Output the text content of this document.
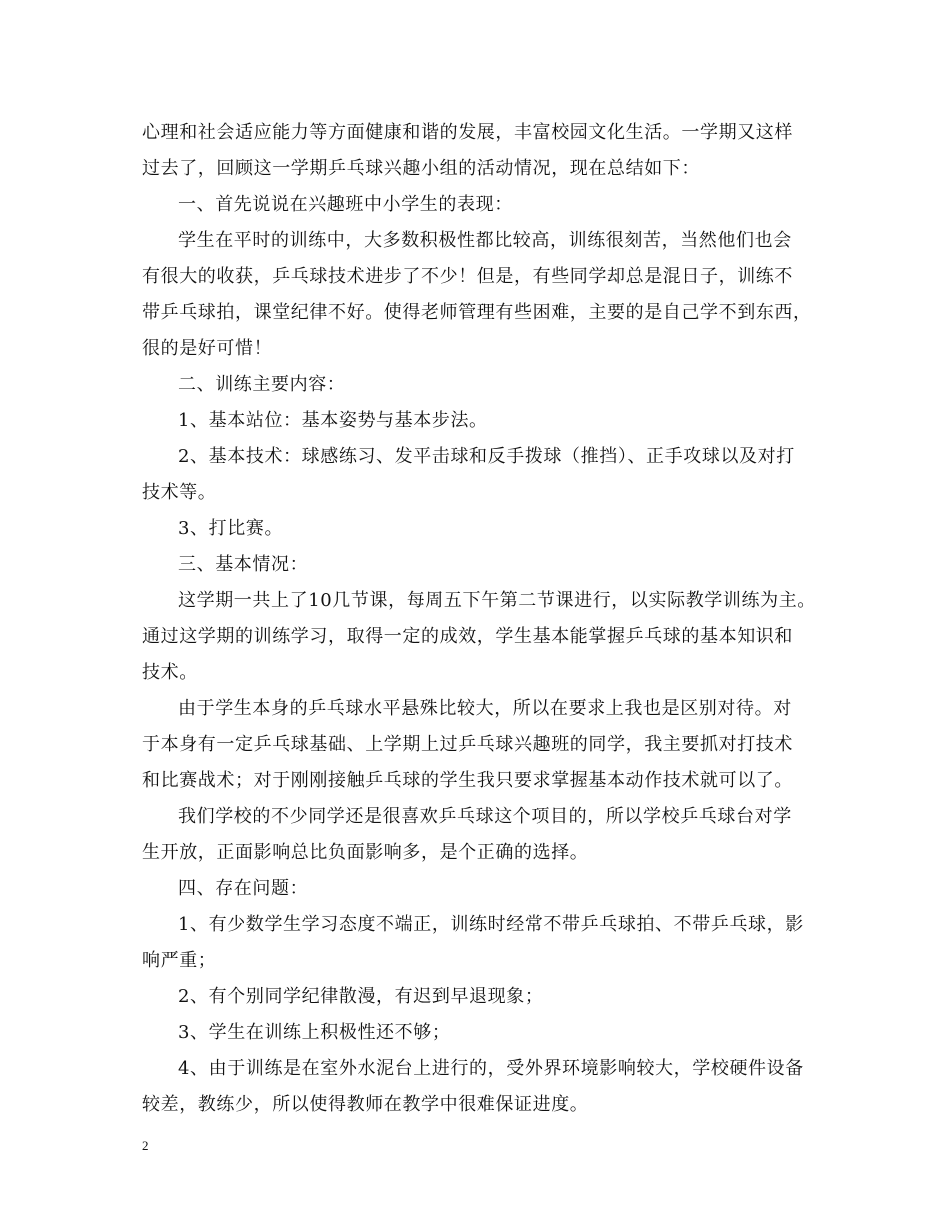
心理和社会适应能力等方面健康和谐的发展，丰富校园文化生活。一学期又这样
过去了，回顾这一学期乒乓球兴趣小组的活动情况，现在总结如下：
一、首先说说在兴趣班中小学生的表现：
学生在平时的训练中，大多数积极性都比较高，训练很刻苦，当然他们也会
有很大的收获，乒乓球技术进步了不少！但是，有些同学却总是混日子，训练不
带乒乓球拍，课堂纪律不好。使得老师管理有些困难，主要的是自己学不到东西，
很的是好可惜！
二、训练主要内容：
1、基本站位：基本姿势与基本步法。
2、基本技术：球感练习、发平击球和反手拨球（推挡）、正手攻球以及对打
技术等。
3、打比赛。
三、基本情况：
这学期一共上了10几节课，每周五下午第二节课进行，以实际教学训练为主。
通过这学期的训练学习，取得一定的成效，学生基本能掌握乒乓球的基本知识和
技术。
由于学生本身的乒乓球水平悬殊比较大，所以在要求上我也是区别对待。对
于本身有一定乒乓球基础、上学期上过乒乓球兴趣班的同学，我主要抓对打技术
和比赛战术；对于刚刚接触乒乓球的学生我只要求掌握基本动作技术就可以了。
我们学校的不少同学还是很喜欢乒乓球这个项目的，所以学校乒乓球台对学
生开放，正面影响总比负面影响多，是个正确的选择。
四、存在问题：
1、有少数学生学习态度不端正，训练时经常不带乒乓球拍、不带乒乓球，影
响严重；
2、有个别同学纪律散漫，有迟到早退现象；
3、学生在训练上积极性还不够；
4、由于训练是在室外水泥台上进行的，受外界环境影响较大，学校硬件设备
较差，教练少，所以使得教师在教学中很难保证进度。
2
